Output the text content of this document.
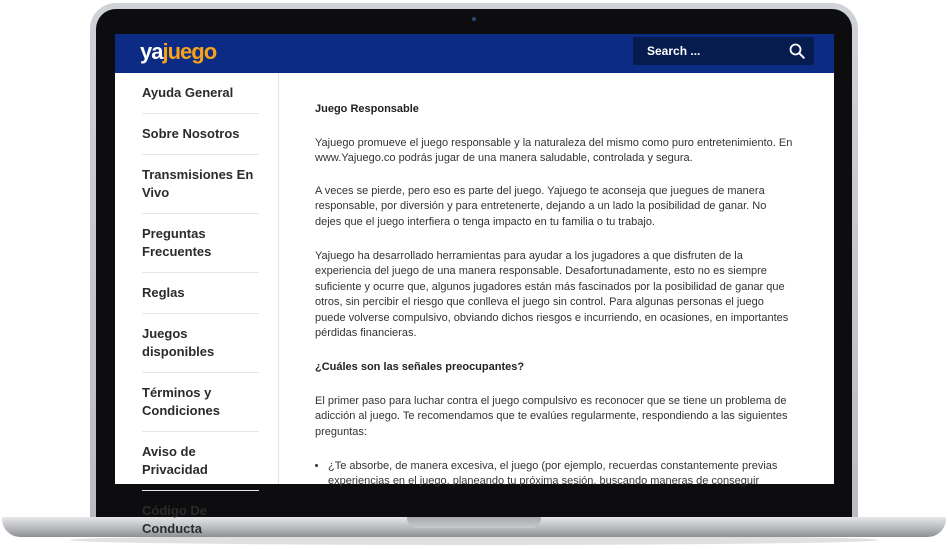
yajuego
Search ...
Ayuda General
Sobre Nosotros
Transmisiones En Vivo
Preguntas Frecuentes
Reglas
Juegos disponibles
Términos y Condiciones
Aviso de Privacidad
Código De Conducta

Juego Responsable

Yajuego promueve el juego responsable y la naturaleza del mismo como puro entretenimiento. En www.Yajuego.co podrás jugar de una manera saludable, controlada y segura.

A veces se pierde, pero eso es parte del juego. Yajuego te aconseja que juegues de manera responsable, por diversión y para entretenerte, dejando a un lado la posibilidad de ganar. No dejes que el juego interfiera o tenga impacto en tu familia o tu trabajo.

Yajuego ha desarrollado herramientas para ayudar a los jugadores a que disfruten de la experiencia del juego de una manera responsable. Desafortunadamente, esto no es siempre suficiente y ocurre que, algunos jugadores están más fascinados por la posibilidad de ganar que otros, sin percibir el riesgo que conlleva el juego sin control. Para algunas personas el juego puede volverse compulsivo, obviando dichos riesgos e incurriendo, en ocasiones, en importantes pérdidas financieras.

¿Cuáles son las señales preocupantes?

El primer paso para luchar contra el juego compulsivo es reconocer que se tiene un problema de adicción al juego. Te recomendamos que te evalúes regularmente, respondiendo a las siguientes preguntas:

• ¿Te absorbe, de manera excesiva, el juego (por ejemplo, recuerdas constantemente previas experiencias en el juego, planeando tu próxima sesión, buscando maneras de conseguir
